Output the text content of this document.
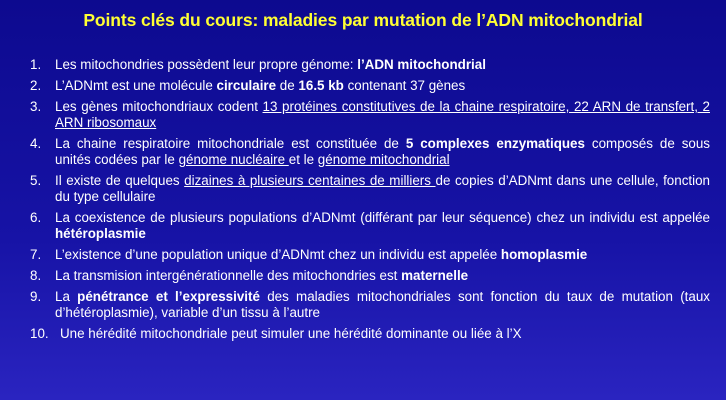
Points clés du cours: maladies par mutation de l’ADN mitochondrial
1.	Les mitochondries possèdent leur propre génome: l’ADN mitochondrial
2.	L’ADNmt est une molécule circulaire de 16.5 kb contenant 37 gènes
3.	Les gènes mitochondriaux codent 13 protéines constitutives de la chaine respiratoire, 22 ARN de transfert, 2 ARN ribosomaux
4.	La chaine respiratoire mitochondriale est constituée de 5 complexes enzymatiques composés de sous unités codées par le génome nucléaire et le génome mitochondrial
5.	Il existe de quelques dizaines à plusieurs centaines de milliers de copies d’ADNmt dans une cellule, fonction du type cellulaire
6.	La coexistence de plusieurs populations d’ADNmt (différant par leur séquence) chez un individu est appelée hétéroplasmie
7.	L’existence d’une population unique d’ADNmt chez un individu est appelée homoplasmie
8.	La transmision intergénérationnelle des mitochondries est maternelle
9.	La pénétrance et l’expressivité des maladies mitochondriales sont fonction du taux de mutation (taux d’hétéroplasmie), variable d’un tissu à l’autre
10. Une hérédité mitochondriale peut simuler une hérédité dominante ou liée à l’X
